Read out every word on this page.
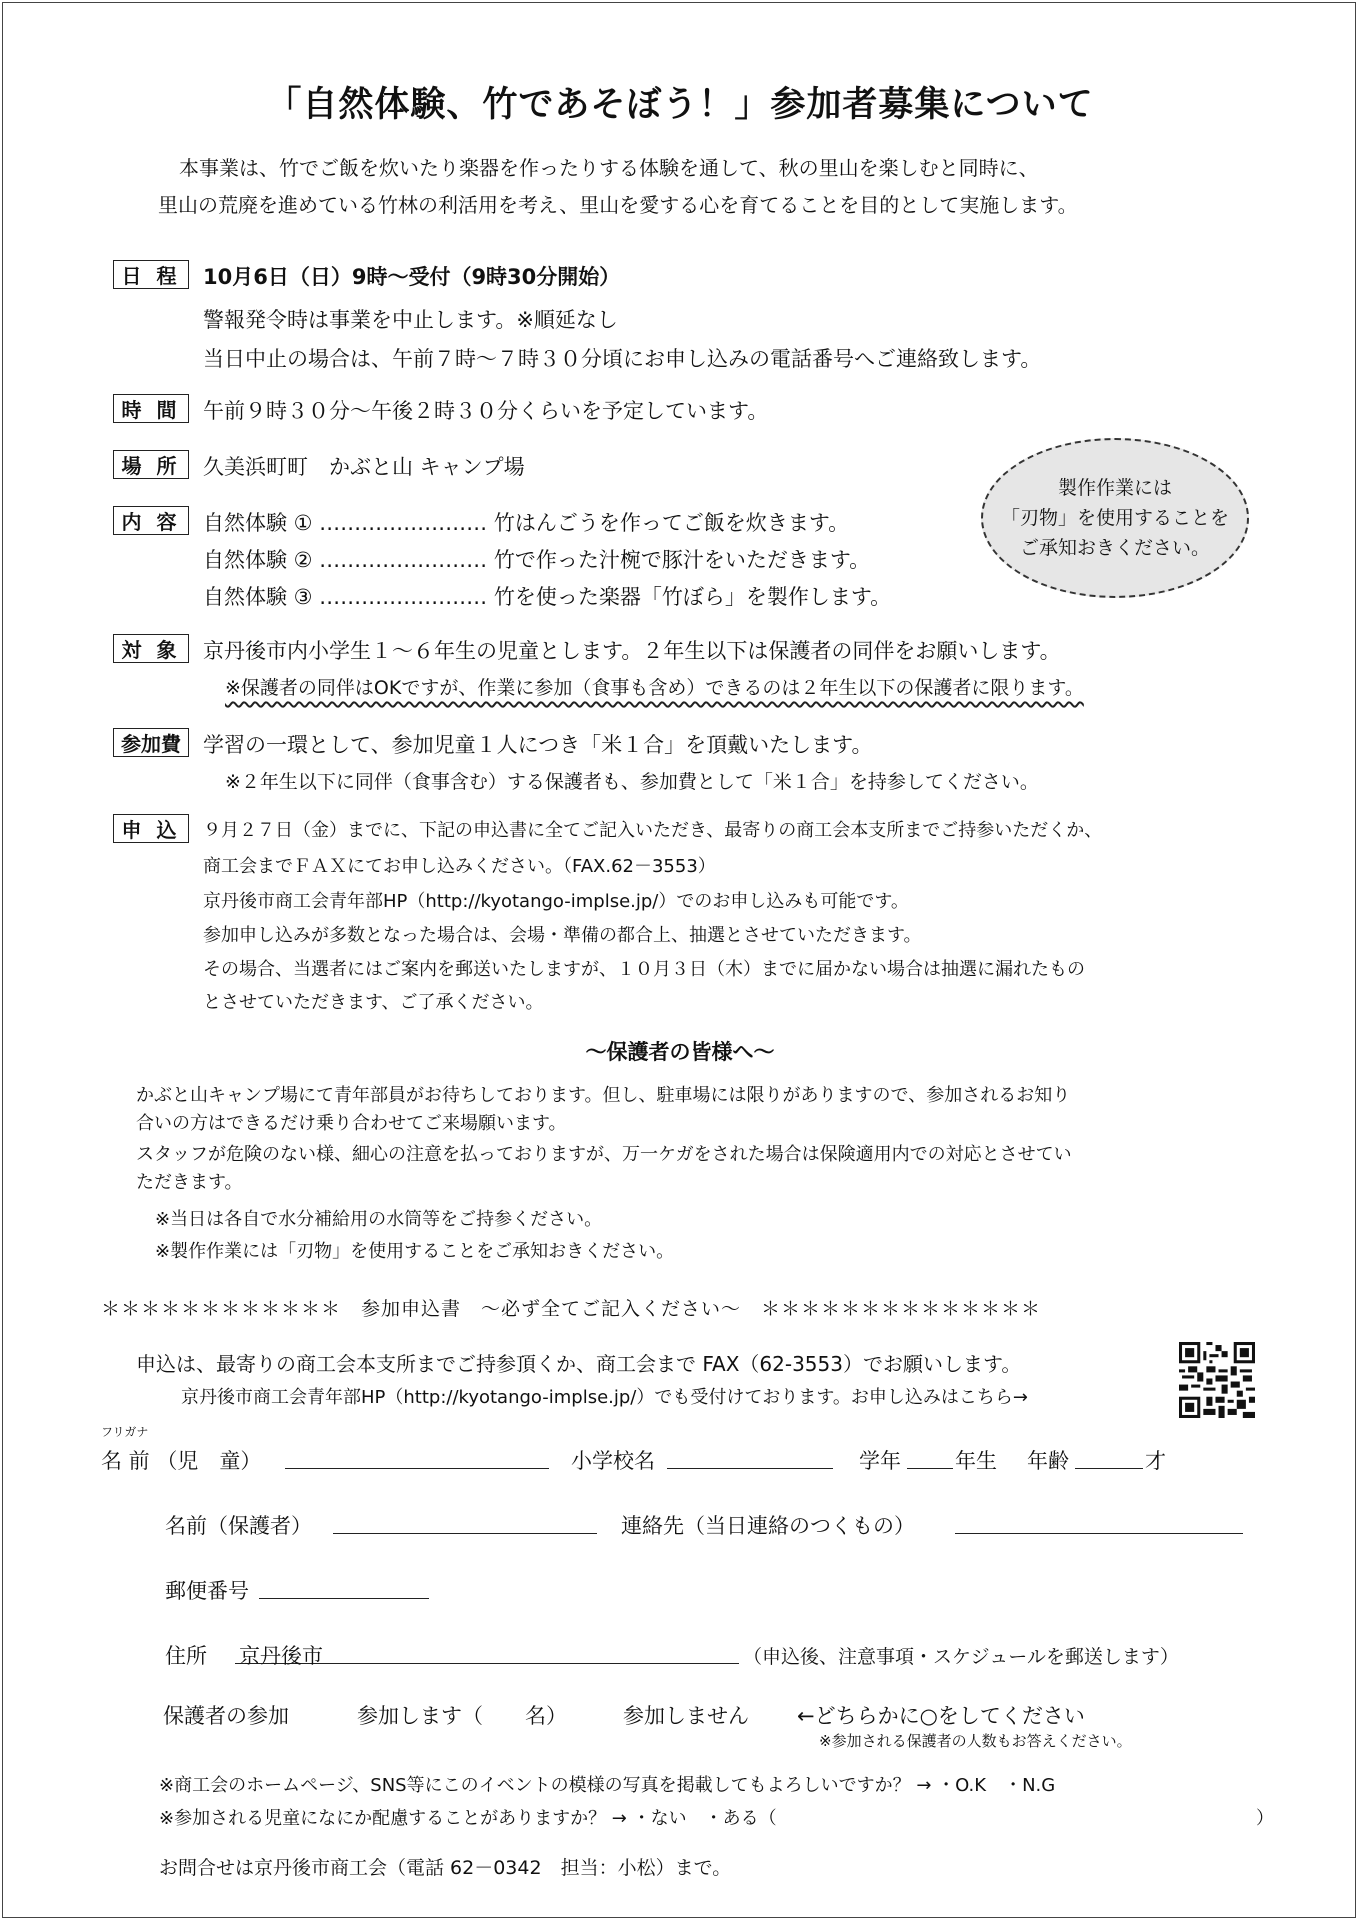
「自然体験、竹であそぼう！」参加者募集について
本事業は、竹でご飯を炊いたり楽器を作ったりする体験を通して、秋の里山を楽しむと同時に、
里山の荒廃を進めている竹林の利活用を考え、里山を愛する心を育てることを目的として実施します。
日 程	10月6日（日）9時～受付（9時30分開始）
警報発令時は事業を中止します。※順延なし
当日中止の場合は、午前７時～７時３０分頃にお申し込みの電話番号へご連絡致します。
時 間	午前９時３０分～午後２時３０分くらいを予定しています。
場 所	久美浜町町　かぶと山 キャンプ場
内 容	自然体験 ① …………………… 竹はんごうを作ってご飯を炊きます。
自然体験 ② …………………… 竹で作った汁椀で豚汁をいただきます。
自然体験 ③ …………………… 竹を使った楽器「竹ぼら」を製作します。
製作作業には
「刃物」を使用することを
ご承知おきください。
対 象	京丹後市内小学生１～６年生の児童とします。２年生以下は保護者の同伴をお願いします。
※保護者の同伴はOKですが、作業に参加（食事も含め）できるのは２年生以下の保護者に限ります。
参加費	学習の一環として、参加児童１人につき「米１合」を頂戴いたします。
※２年生以下に同伴（食事含む）する保護者も、参加費として「米１合」を持参してください。
申 込	９月２７日（金）までに、下記の申込書に全てご記入いただき、最寄りの商工会本支所までご持参いただくか、
商工会までＦＡＸにてお申し込みください。（FAX.62－3553）
京丹後市商工会青年部HP（http://kyotango-implse.jp/）でのお申し込みも可能です。
参加申し込みが多数となった場合は、会場・準備の都合上、抽選とさせていただきます。
その場合、当選者にはご案内を郵送いたしますが、１０月３日（木）までに届かない場合は抽選に漏れたもの
とさせていただきます、ご了承ください。
～保護者の皆様へ～
かぶと山キャンプ場にて青年部員がお待ちしております。但し、駐車場には限りがありますので、参加されるお知り
合いの方はできるだけ乗り合わせてご来場願います。
スタッフが危険のない様、細心の注意を払っておりますが、万一ケガをされた場合は保険適用内での対応とさせてい
ただきます。
※当日は各自で水分補給用の水筒等をご持参ください。
※製作作業には「刃物」を使用することをご承知おきください。
＊＊＊＊＊＊＊＊＊＊＊＊　参加申込書　～必ず全てご記入ください～　＊＊＊＊＊＊＊＊＊＊＊＊＊＊
申込は、最寄りの商工会本支所までご持参頂くか、商工会まで FAX（62-3553）でお願いします。
京丹後市商工会青年部HP（http://kyotango-implse.jp/）でも受付けております。お申し込みはこちら→
フリガナ
名 前 （児　童）	小学校名	学年	年生 年齢	才
名前（保護者）	連絡先（当日連絡のつくもの）
郵便番号
住所 京丹後市	（申込後、注意事項・スケジュールを郵送します）
保護者の参加	参加します（　　名）	参加しません ←どちらかに○をしてください
※参加される保護者の人数もお答えください。
※商工会のホームページ、SNS等にこのイベントの模様の写真を掲載してもよろしいですか？ → ・O.K　・N.G
※参加される児童になにか配慮することがありますか？ → ・ない　・ある（	）
お問合せは京丹後市商工会（電話 62－0342　担当：小松）まで。
